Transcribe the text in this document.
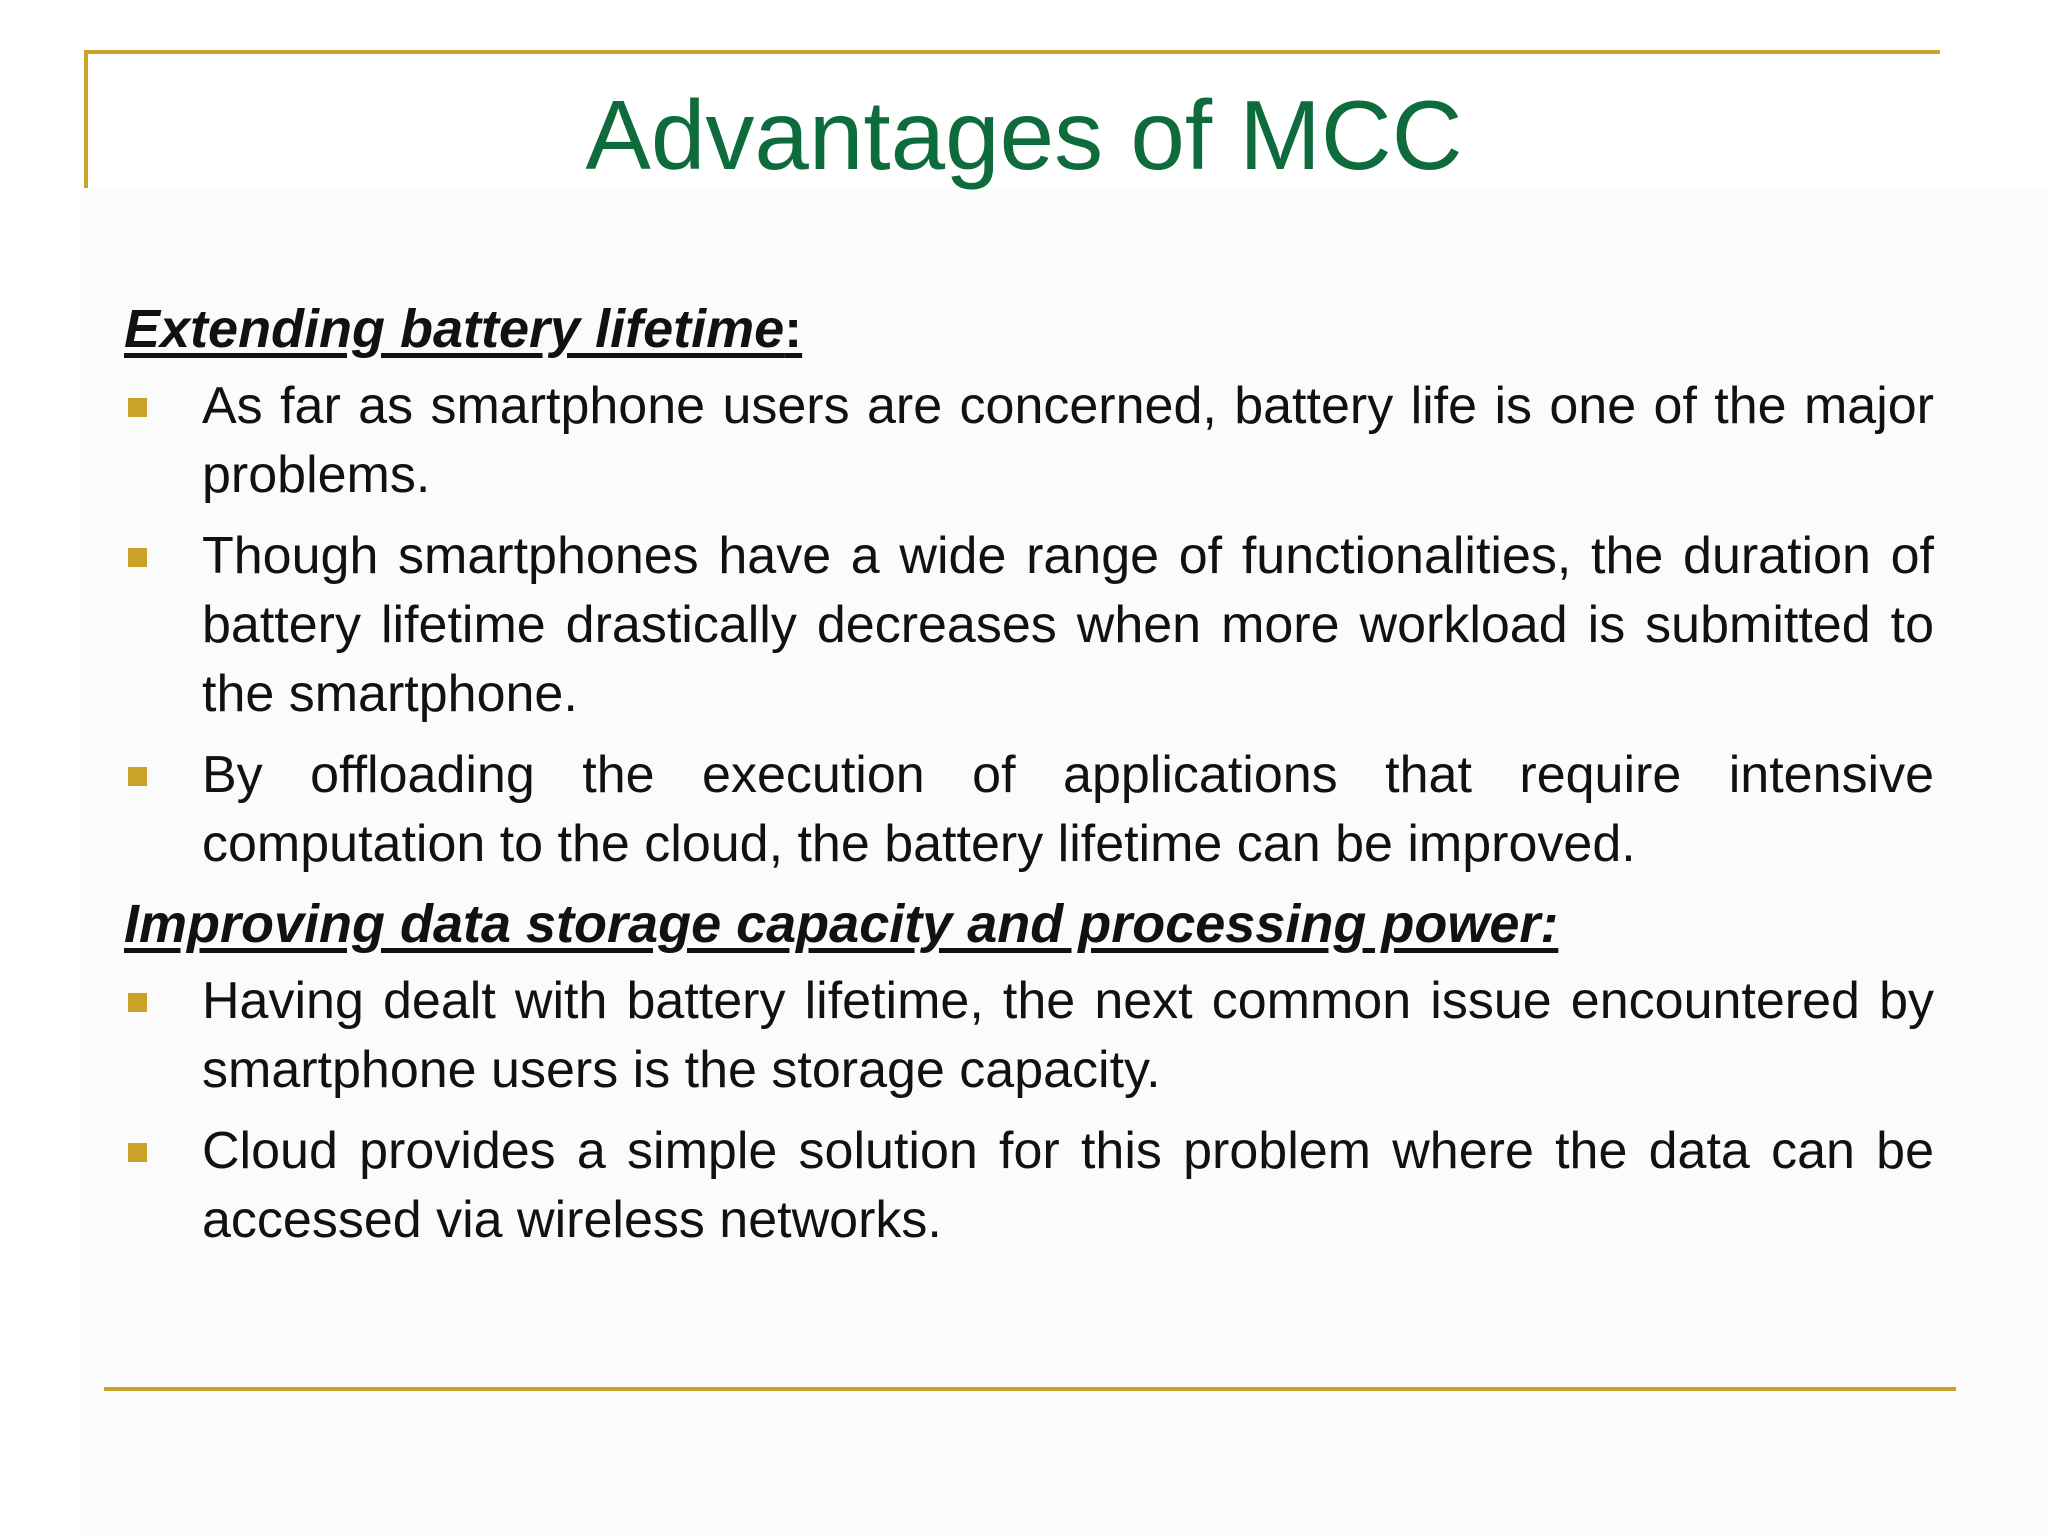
Advantages of MCC

Extending battery lifetime:

As far as smartphone users are concerned, battery life is one of the major problems.
Though smartphones have a wide range of functionalities, the duration of battery lifetime drastically decreases when more workload is submitted to the smartphone.
By offloading the execution of applications that require intensive computation to the cloud, the battery lifetime can be improved.

Improving data storage capacity and processing power:

Having dealt with battery lifetime, the next common issue encountered by smartphone users is the storage capacity.
Cloud provides a simple solution for this problem where the data can be accessed via wireless networks.
